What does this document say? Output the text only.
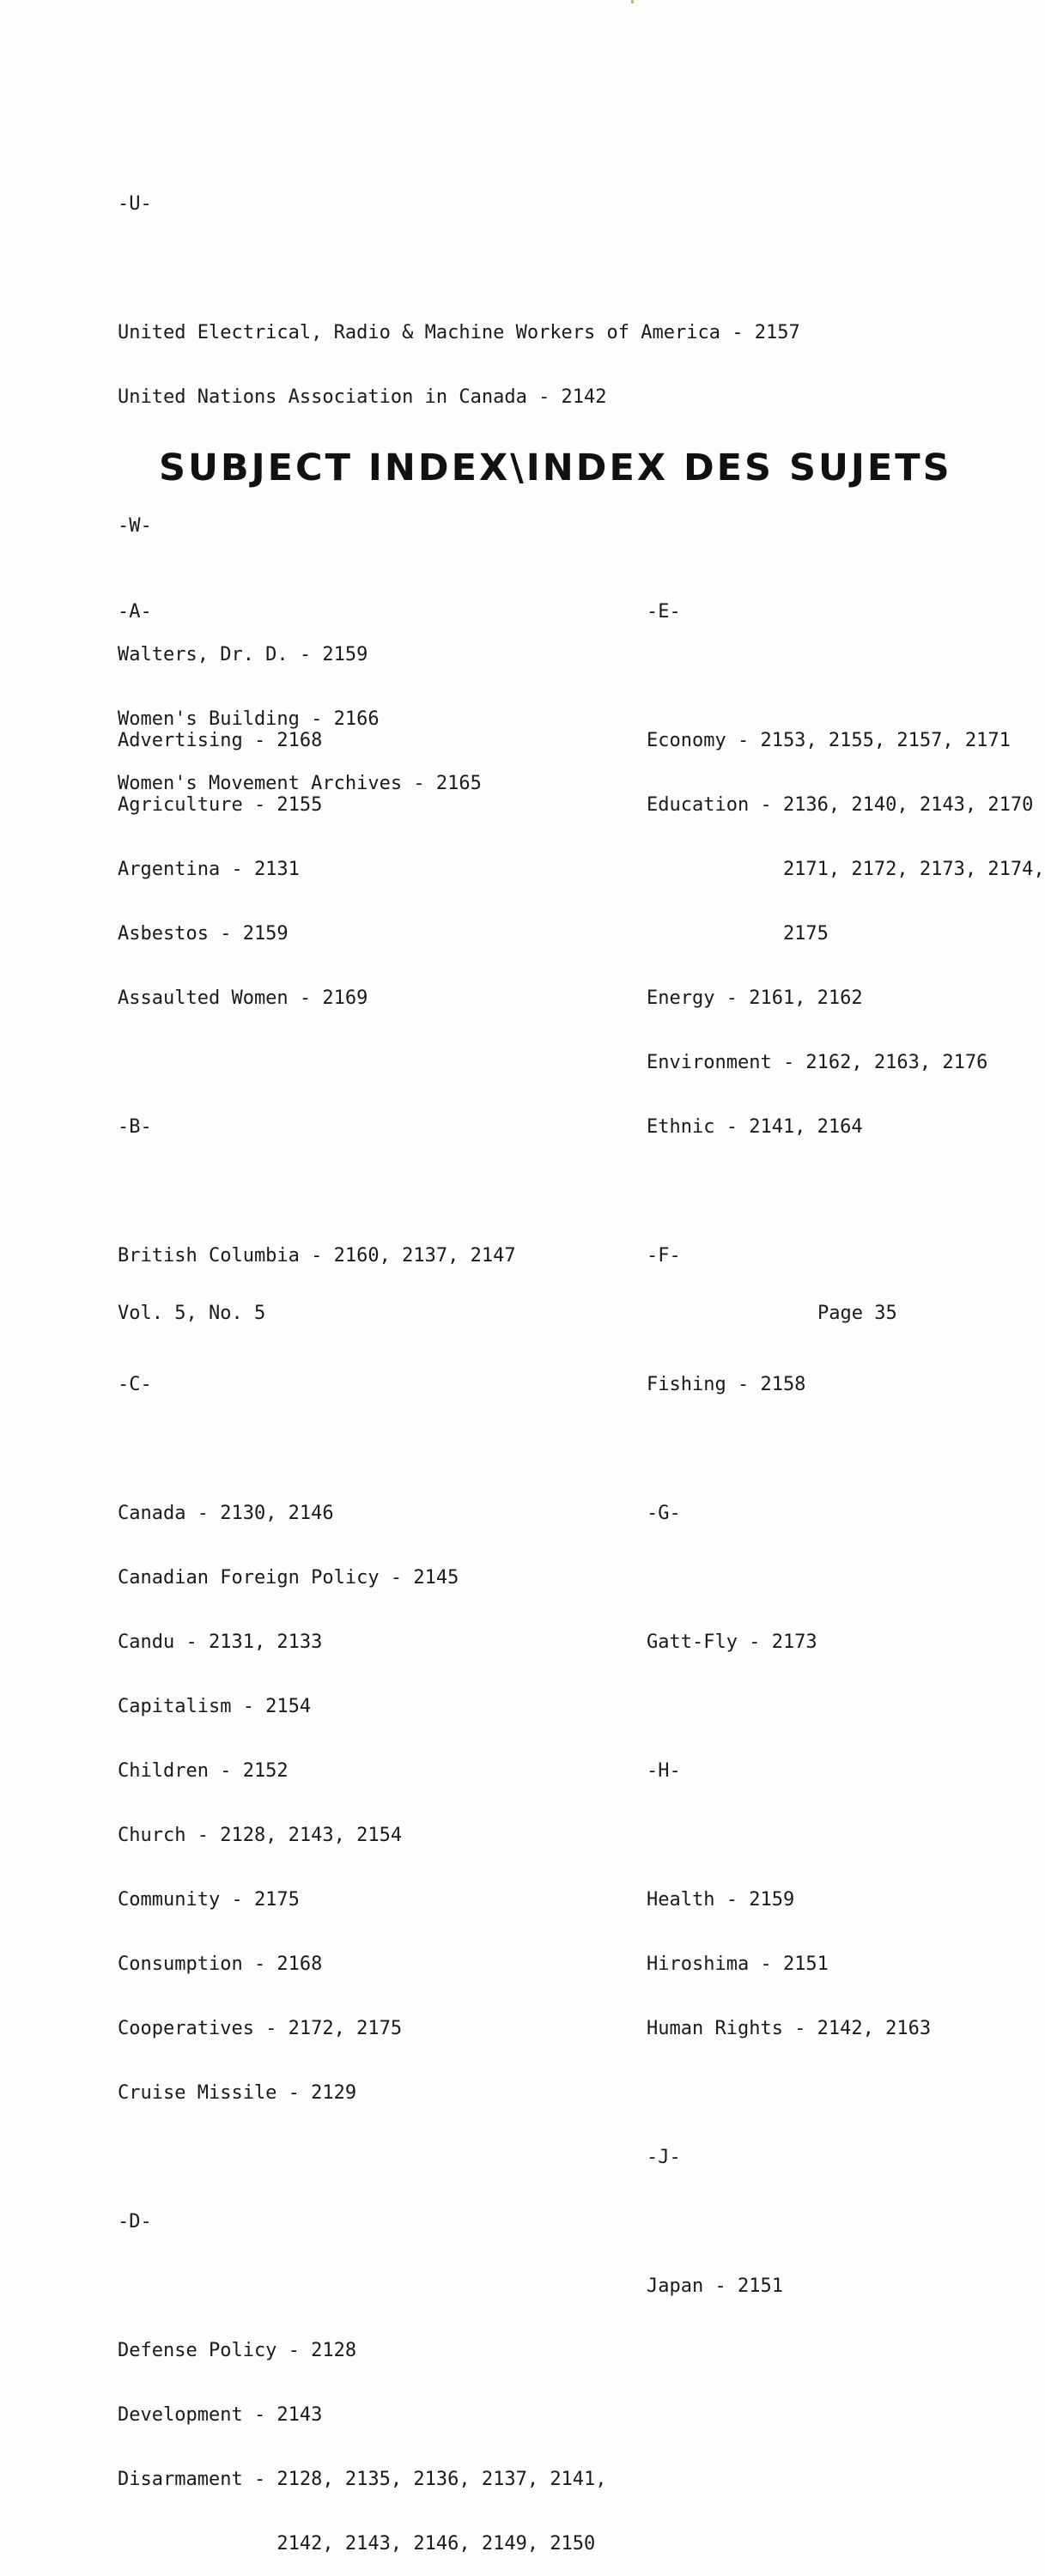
-U-

United Electrical, Radio & Machine Workers of America - 2157

United Nations Association in Canada - 2142

-W-

Walters, Dr. D. - 2159

Women's Building - 2166

Women's Movement Archives - 2165

SUBJECT INDEX\INDEX DES SUJETS

-A-

Advertising - 2168

Agriculture - 2155

Argentina - 2131

Asbestos - 2159

Assaulted Women - 2169

-B-

British Columbia - 2160, 2137, 2147

-C-

Canada - 2130, 2146

Canadian Foreign Policy - 2145

Candu - 2131, 2133

Capitalism - 2154

Children - 2152

Church - 2128, 2143, 2154

Community - 2175

Consumption - 2168

Cooperatives - 2172, 2175

Cruise Missile - 2129

-D-

Defense Policy - 2128

Development - 2143

Disarmament - 2128, 2135, 2136, 2137, 2141,

2142, 2143, 2146, 2149, 2150

-E-

Economy - 2153, 2155, 2157, 2171

Education - 2136, 2140, 2143, 2170

2171, 2172, 2173, 2174,

2175

Energy - 2161, 2162

Environment - 2162, 2163, 2176

Ethnic - 2141, 2164

-F-

Fishing - 2158

-G-

Gatt-Fly - 2173

-H-

Health - 2159

Hiroshima - 2151

Human Rights - 2142, 2163

-J-

Japan - 2151

Vol. 5, No. 5	Page 35
